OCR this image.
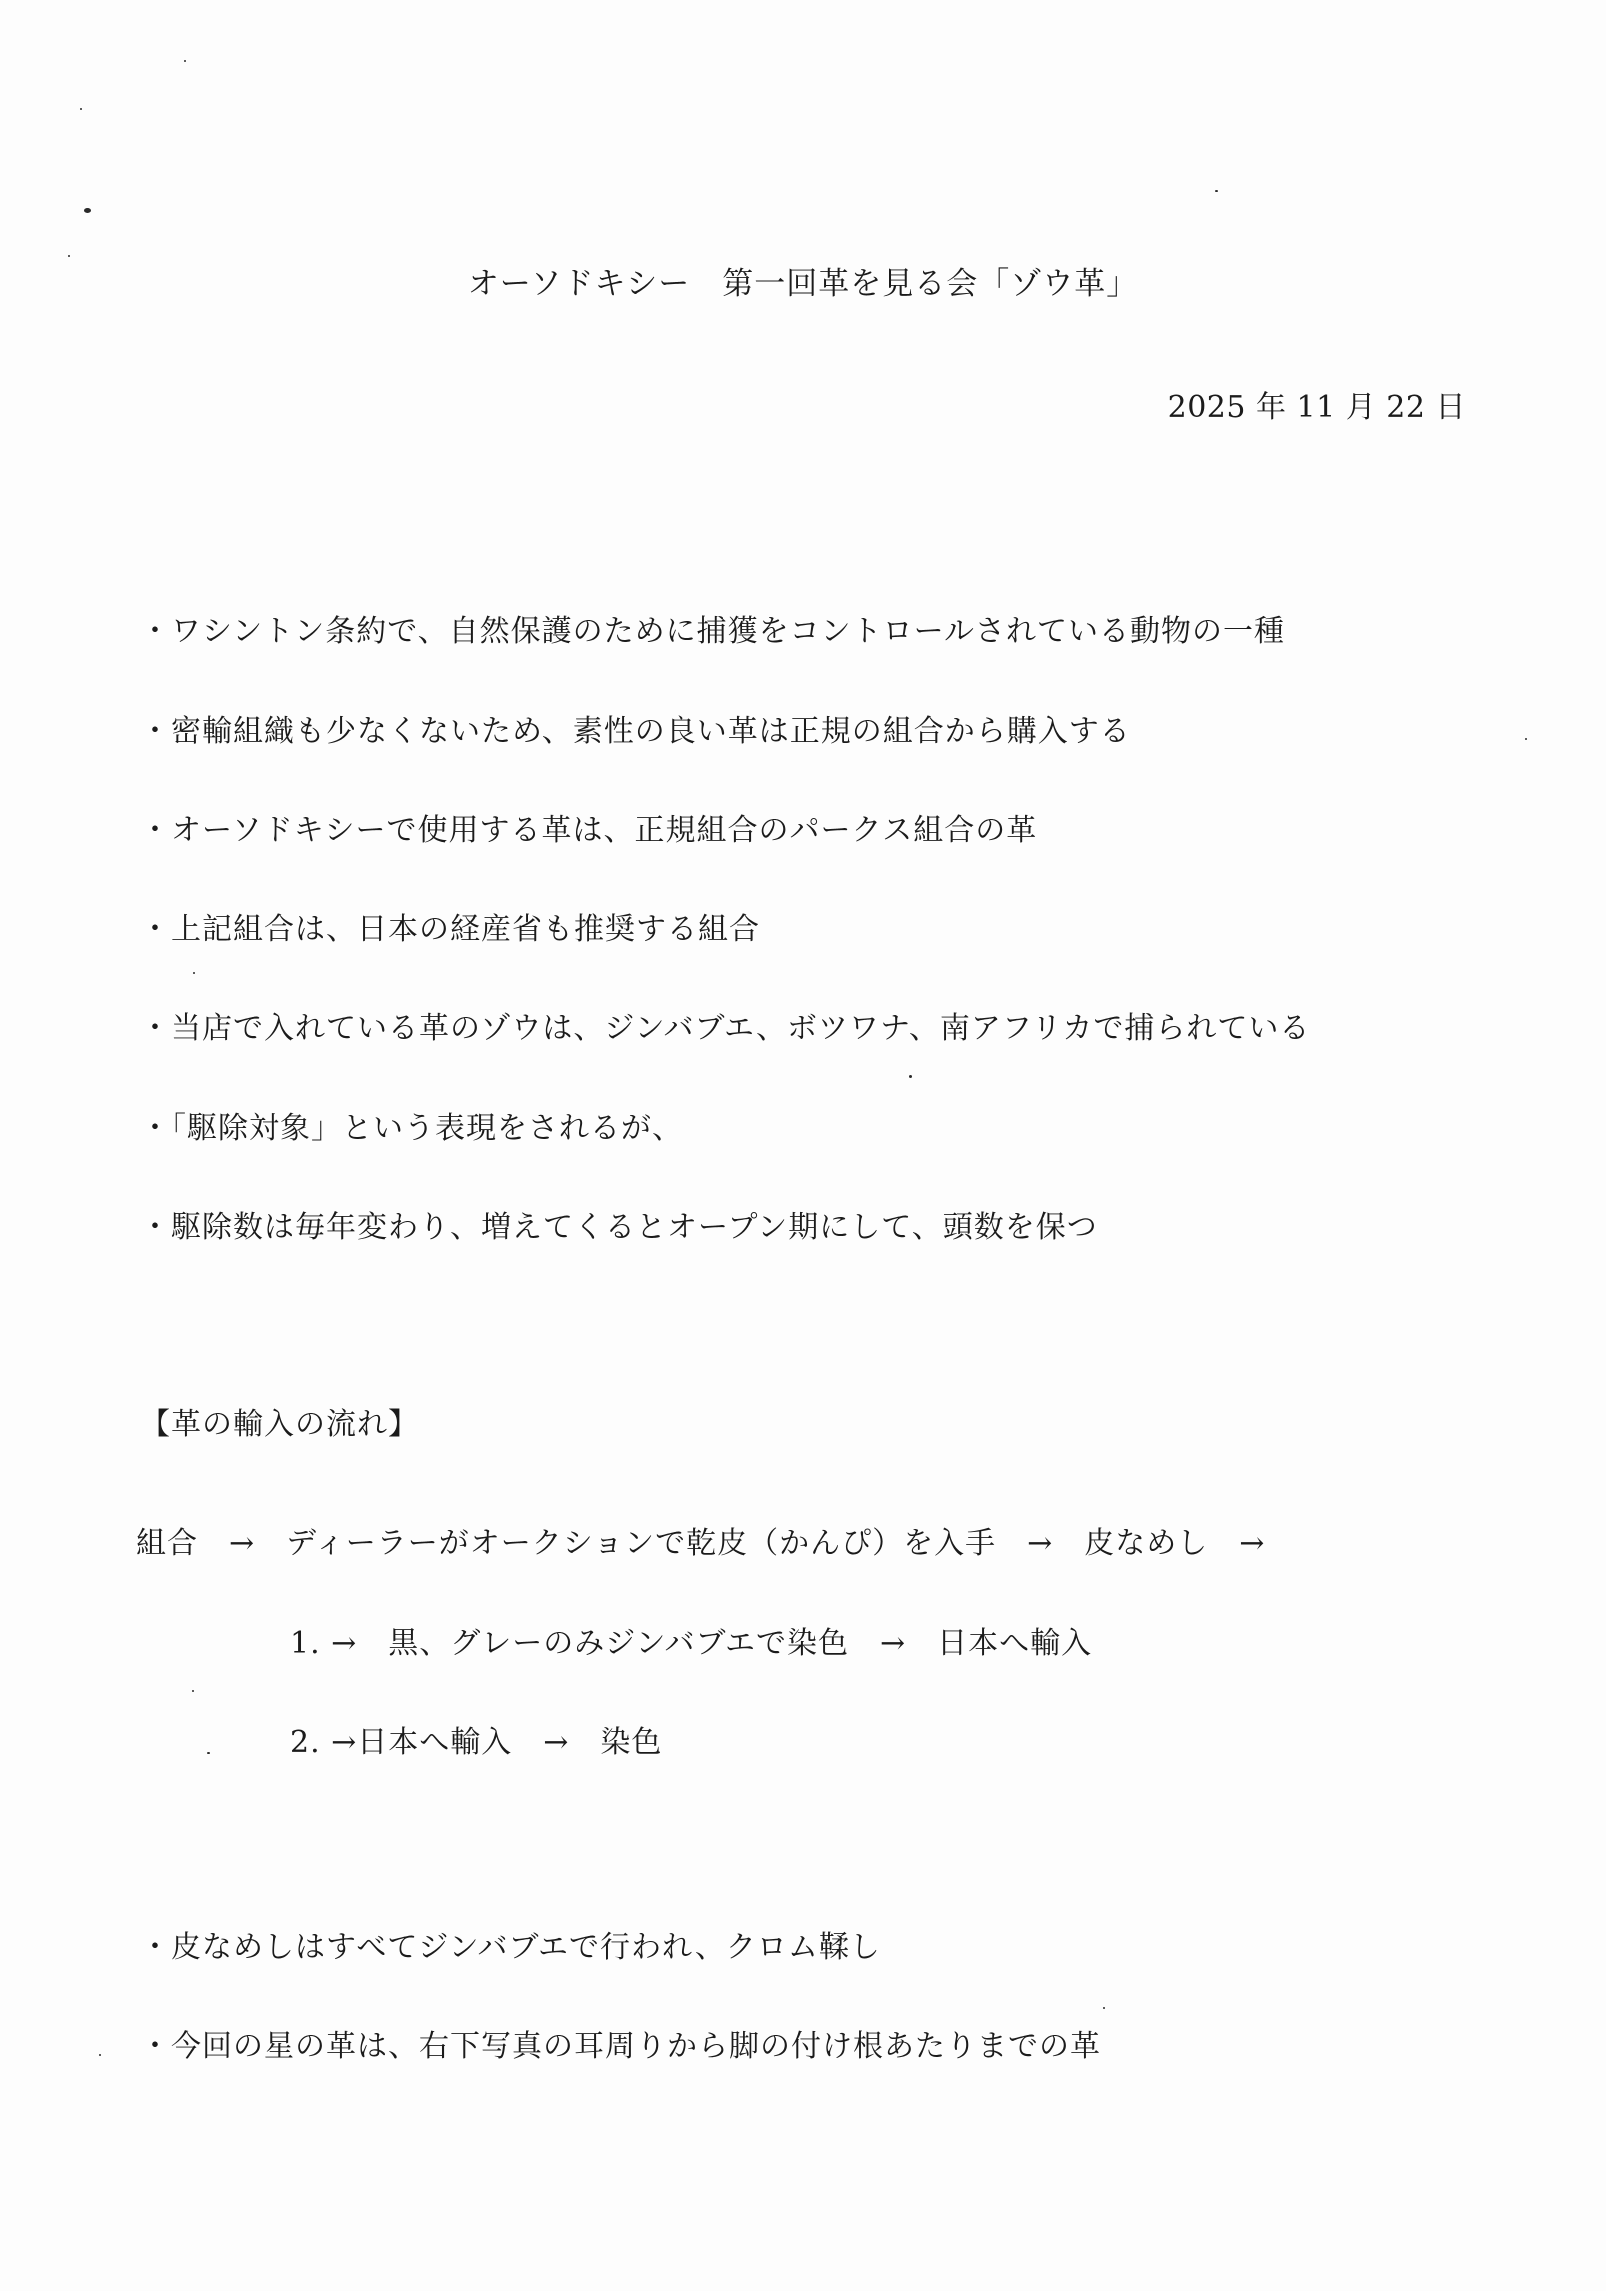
オーソドキシー　第一回革を見る会「ゾウ革」
2025 年 11 月 22 日
・ワシントン条約で、自然保護のために捕獲をコントロールされている動物の一種
・密輸組織も少なくないため、素性の良い革は正規の組合から購入する
・オーソドキシーで使用する革は、正規組合のパークス組合の革
・上記組合は、日本の経産省も推奨する組合
・当店で入れている革のゾウは、ジンバブエ、ボツワナ、南アフリカで捕られている
・「駆除対象」という表現をされるが、
・駆除数は毎年変わり、増えてくるとオープン期にして、頭数を保つ
【革の輸入の流れ】
組合　→　ディーラーがオークションで乾皮（かんぴ）を入手　→　皮なめし　→
1. →　黒、グレーのみジンバブエで染色　→　日本へ輸入
2. →日本へ輸入　→　染色
・皮なめしはすべてジンバブエで行われ、クロム鞣し
・今回の星の革は、右下写真の耳周りから脚の付け根あたりまでの革
